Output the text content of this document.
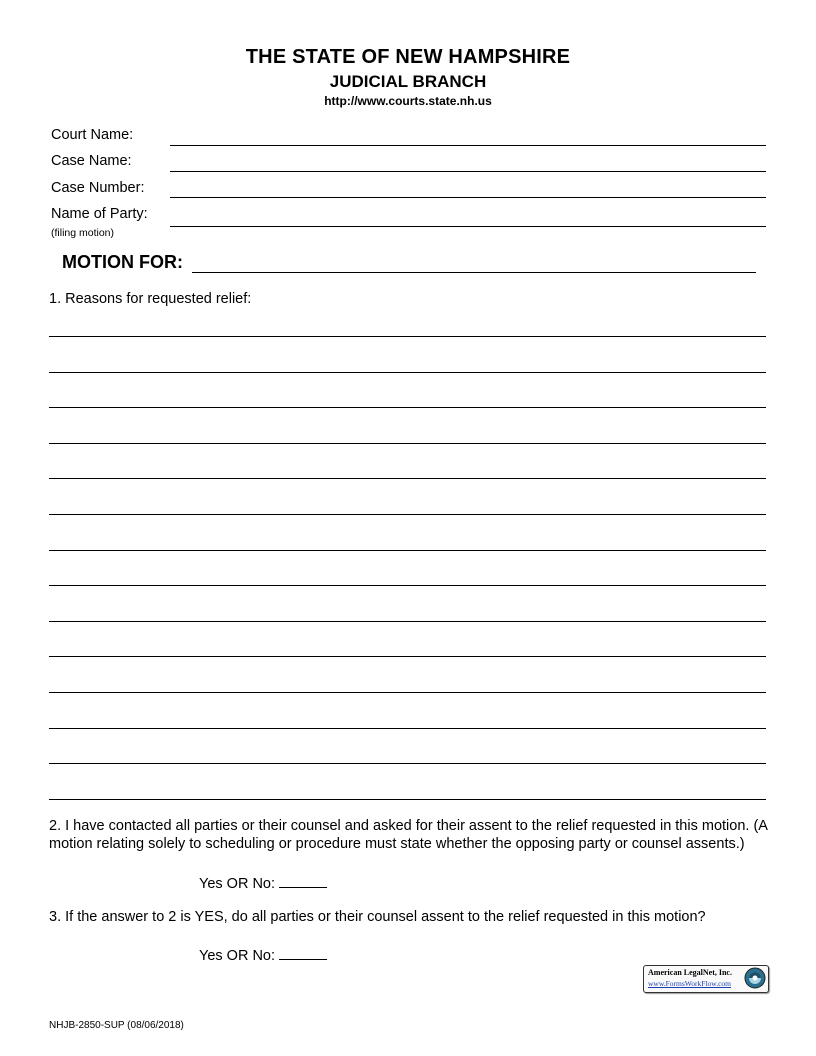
THE STATE OF NEW HAMPSHIRE
JUDICIAL BRANCH
http://www.courts.state.nh.us
Court Name:
Case Name:
Case Number:
Name of Party:
(filing motion)
MOTION FOR:
1. Reasons for requested relief:
2. I have contacted all parties or their counsel and asked for their assent to the relief requested in this motion. (A motion relating solely to scheduling or procedure must state whether the opposing party or counsel assents.)
Yes OR No:
3. If the answer to 2 is YES, do all parties or their counsel assent to the relief requested in this motion?
Yes OR No:
American LegalNet, Inc.
www.FormsWorkFlow.com
NHJB-2850-SUP (08/06/2018)
